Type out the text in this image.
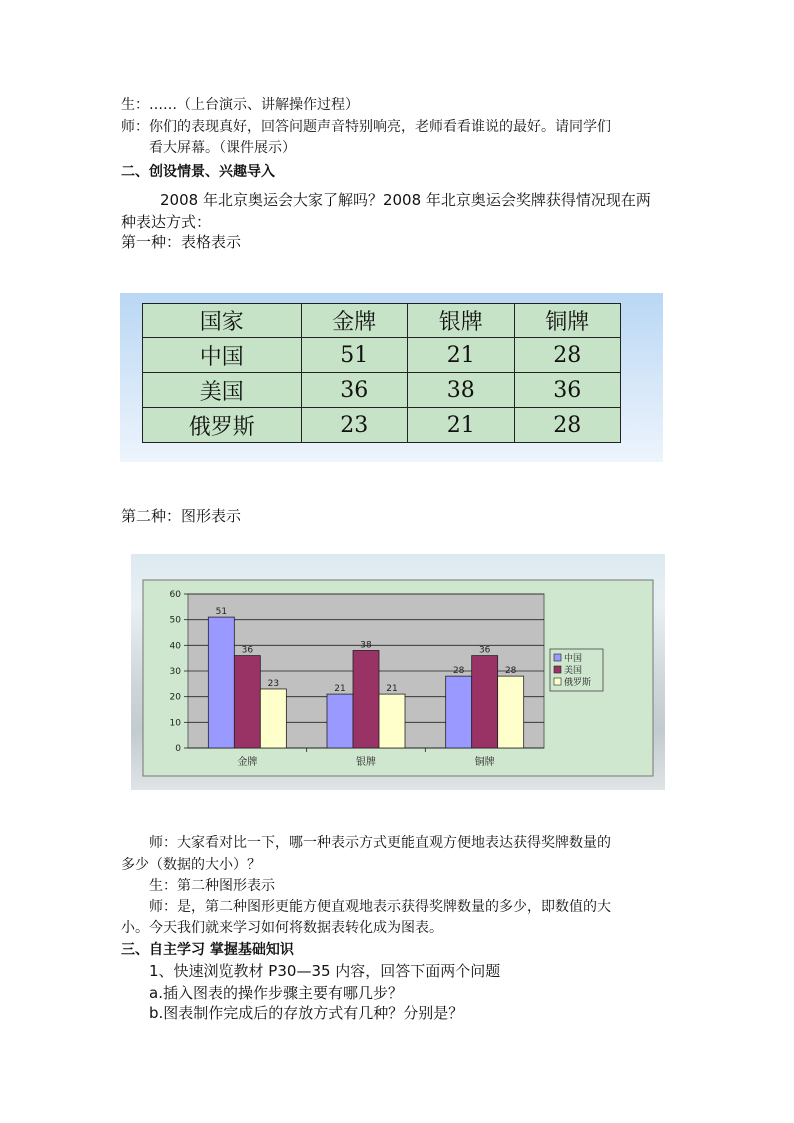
生：……（上台演示、讲解操作过程）
师：你们的表现真好，回答问题声音特别响亮，老师看看谁说的最好。请同学们
看大屏幕。（课件展示）
二、创设情景、兴趣导入
2008 年北京奥运会大家了解吗？2008 年北京奥运会奖牌获得情况现在两
种表达方式：
第一种：表格表示
国家	金牌	银牌	铜牌
中国	51	21	28
美国	36	38	36
俄罗斯	23	21	28
第二种：图形表示
0
10
20
30
40
50
60
51
36
23
金牌
21
38
21
银牌
28
36
28
铜牌
中国
美国
俄罗斯
师：大家看对比一下，哪一种表示方式更能直观方便地表达获得奖牌数量的
多少（数据的大小）？
生：第二种图形表示
师：是，第二种图形更能方便直观地表示获得奖牌数量的多少，即数值的大
小。今天我们就来学习如何将数据表转化成为图表。
三、自主学习 掌握基础知识
1、快速浏览教材 P30—35 内容，回答下面两个问题
a.插入图表的操作步骤主要有哪几步？
b.图表制作完成后的存放方式有几种？分别是？
